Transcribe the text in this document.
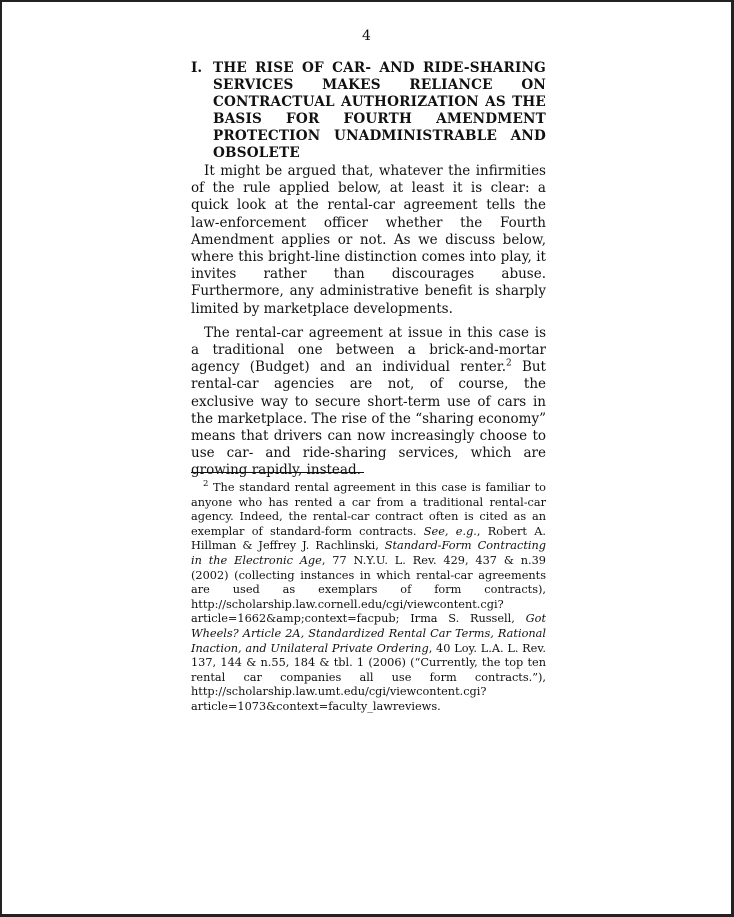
4
I. THE RISE OF CAR- AND RIDE-SHARING SERVICES MAKES RELIANCE ON CONTRACTUAL AUTHORIZATION AS THE BASIS FOR FOURTH AMENDMENT PROTECTION UNADMINISTRABLE AND OBSOLETE

It might be argued that, whatever the infirmities of the rule applied below, at least it is clear: a quick look at the rental-car agreement tells the law-enforcement officer whether the Fourth Amendment applies or not. As we discuss below, where this bright-line distinction comes into play, it invites rather than discourages abuse. Furthermore, any administrative benefit is sharply limited by marketplace developments.

The rental-car agreement at issue in this case is a traditional one between a brick-and-mortar agency (Budget) and an individual renter.$^2$ But rental-car agencies are not, of course, the exclusive way to secure short-term use of cars in the marketplace. The rise of the “sharing economy” means that drivers can now increasingly choose to use car- and ride-sharing services, which are growing rapidly, instead.

$^2$ The standard rental agreement in this case is familiar to anyone who has rented a car from a traditional rental-car agency. Indeed, the rental-car contract often is cited as an exemplar of standard-form contracts. See, e.g., Robert A. Hillman & Jeffrey J. Rachlinski, Standard-Form Contracting in the Electronic Age, 77 N.Y.U. L. Rev. 429, 437 & n.39 (2002) (collecting instances in which rental-car agreements are used as exemplars of form contracts), http://scholarship.law.cornell.edu/cgi/viewcontent.cgi?article=1662&amp;context=facpub; Irma S. Russell, Got Wheels? Article 2A, Standardized Rental Car Terms, Rational Inaction, and Unilateral Private Ordering, 40 Loy. L.A. L. Rev. 137, 144 & n.55, 184 & tbl. 1 (2006) (“Currently, the top ten rental car companies all use form contracts.”), http://scholarship.law.umt.edu/cgi/viewcontent.cgi?article=1073&context=faculty_lawreviews.
